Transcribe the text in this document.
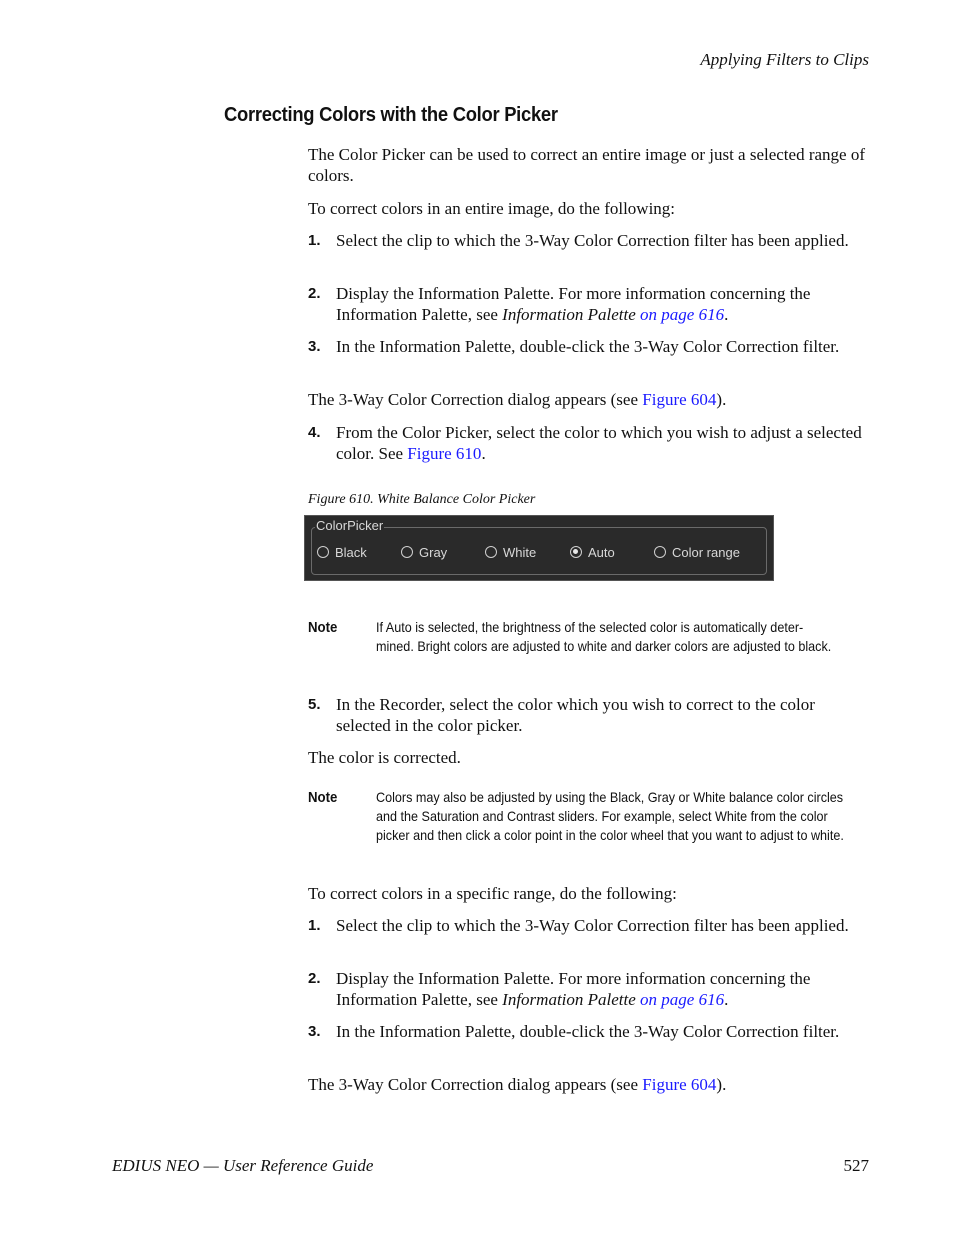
Applying Filters to Clips
Correcting Colors with the Color Picker

The Color Picker can be used to correct an entire image or just a selected range of colors.

To correct colors in an entire image, do the following:

1. Select the clip to which the 3-Way Color Correction filter has been applied.
2. Display the Information Palette. For more information concerning the Information Palette, see Information Palette on page 616.
3. In the Information Palette, double-click the 3-Way Color Correction filter.

The 3-Way Color Correction dialog appears (see Figure 604).

4. From the Color Picker, select the color to which you wish to adjust a selected color. See Figure 610.
Figure 610. White Balance Color Picker
ColorPicker
Black	Gray	White	Auto	Color range
Note	If Auto is selected, the brightness of the selected color is automatically deter- mined. Bright colors are adjusted to white and darker colors are adjusted to black.
5. In the Recorder, select the color which you wish to correct to the color selected in the color picker.

The color is corrected.

Note	Colors may also be adjusted by using the Black, Gray or White balance color circles and the Saturation and Contrast sliders. For example, select White from the color picker and then click a color point in the color wheel that you want to adjust to white.

To correct colors in a specific range, do the following:

1. Select the clip to which the 3-Way Color Correction filter has been applied.
2. Display the Information Palette. For more information concerning the Information Palette, see Information Palette on page 616.
3. In the Information Palette, double-click the 3-Way Color Correction filter.

The 3-Way Color Correction dialog appears (see Figure 604).

EDIUS NEO — User Reference Guide	527
